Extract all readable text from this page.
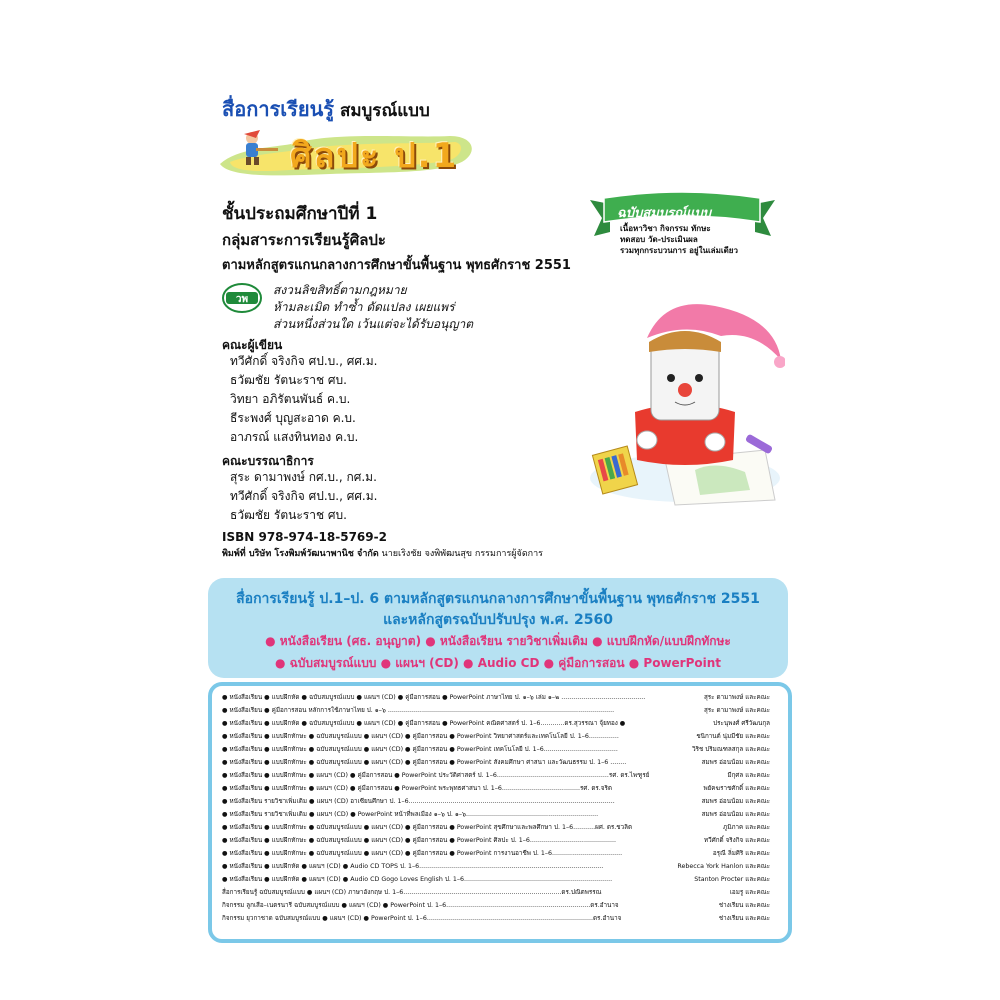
สื่อการเรียนรู้ สมบูรณ์แบบ
ศิลปะ ป.1
ชั้นประถมศึกษาปีที่ 1
กลุ่มสาระการเรียนรู้ศิลปะ
ตามหลักสูตรแกนกลางการศึกษาขั้นพื้นฐาน พุทธศักราช 2551
วพ
สงวนลิขสิทธิ์ตามกฎหมาย
ห้ามละเมิด ทำซ้ำ ดัดแปลง เผยแพร่
ส่วนหนึ่งส่วนใด เว้นแต่จะได้รับอนุญาต
คณะผู้เขียน
ทวีศักดิ์ จริงกิจ ศป.บ., ศศ.ม.
ธวัฒชัย รัตนะราช ศบ.
วิทยา อภิรัตนพันธ์ ค.บ.
ธีระพงศ์ บุญสะอาด ค.บ.
อาภรณ์ แสงทินทอง ค.บ.
คณะบรรณาธิการ
สุระ ดามาพงษ์ กศ.บ., กศ.ม.
ทวีศักดิ์ จริงกิจ ศป.บ., ศศ.ม.
ธวัฒชัย รัตนะราช ศบ.
ISBN 978-974-18-5769-2
พิมพ์ที่ บริษัท โรงพิมพ์วัฒนาพานิช จำกัด นายเริงชัย จงพิพัฒนสุข กรรมการผู้จัดการ
ฉบับสมบูรณ์แบบ
เนื้อหาวิชา กิจกรรม ทักษะ
ทดสอบ วัด-ประเมินผล
รวมทุกกระบวนการ อยู่ในเล่มเดียว
สื่อการเรียนรู้ ป.1–ป. 6 ตามหลักสูตรแกนกลางการศึกษาขั้นพื้นฐาน พุทธศักราช 2551
และหลักสูตรฉบับปรับปรุง พ.ศ. 2560
● หนังสือเรียน (ศธ. อนุญาต) ● หนังสือเรียน รายวิชาเพิ่มเติม ● แบบฝึกหัด/แบบฝึกทักษะ
● ฉบับสมบูรณ์แบบ ● แผนฯ (CD) ● Audio CD ● คู่มือการสอน ● PowerPoint
● หนังสือเรียน ● แบบฝึกหัด ● ฉบับสมบูรณ์แบบ ● แผนฯ (CD) ● คู่มือการสอน ● PowerPoint ภาษาไทย ป. ๑–๖ เล่ม ๑–๒ ..........................................	สุระ ดามาพงษ์ และคณะ
● หนังสือเรียน ● คู่มือการสอน หลักการใช้ภาษาไทย ป. ๑–๖ .................................................................................................................	สุระ ดามาพงษ์ และคณะ
● หนังสือเรียน ● แบบฝึกหัด ● ฉบับสมบูรณ์แบบ ● แผนฯ (CD) ● คู่มือการสอน ● PowerPoint คณิตศาสตร์ ป. 1–6............ดร.สุวรรณา จุ้ยทอง ●	ประนุพงศ์ ศรีวัฒนกุล
● หนังสือเรียน ● แบบฝึกทักษะ ● ฉบับสมบูรณ์แบบ ● แผนฯ (CD) ● คู่มือการสอน ● PowerPoint วิทยาศาสตร์และเทคโนโลยี ป. 1–6...............	ชนิกานต์ นุ่มมีชัย และคณะ
● หนังสือเรียน ● แบบฝึกทักษะ ● ฉบับสมบูรณ์แบบ ● แผนฯ (CD) ● คู่มือการสอน ● PowerPoint เทคโนโลยี ป. 1–6.....................................	วิริช ปริมณฑลสกุล และคณะ
● หนังสือเรียน ● แบบฝึกทักษะ ● ฉบับสมบูรณ์แบบ ● แผนฯ (CD) ● คู่มือการสอน ● PowerPoint สังคมศึกษา ศาสนา และวัฒนธรรม ป. 1–6 ........	สมพร อ่อนน้อม และคณะ
● หนังสือเรียน ● แบบฝึกทักษะ ● แผนฯ (CD) ● คู่มือการสอน ● PowerPoint ประวัติศาสตร์ ป. 1–6........................................................รศ. ดร.ไพฑูรย์	มีกุศล และคณะ
● หนังสือเรียน ● แบบฝึกทักษะ ● แผนฯ (CD) ● คู่มือการสอน ● PowerPoint พระพุทธศาสนา ป. 1–6.......................................รศ. ดร.จริต	พยัคฆราชศักดิ์ และคณะ
● หนังสือเรียน รายวิชาเพิ่มเติม ● แผนฯ (CD) อาเซียนศึกษา ป. 1–6.......................................................................................................	สมพร อ่อนน้อม และคณะ
● หนังสือเรียน รายวิชาเพิ่มเติม ● แผนฯ (CD) ● PowerPoint หน้าที่พลเมือง ๑–๖ ป. ๑–๖..................................................................	สมพร อ่อนน้อม และคณะ
● หนังสือเรียน ● แบบฝึกทักษะ ● ฉบับสมบูรณ์แบบ ● แผนฯ (CD) ● คู่มือการสอน ● PowerPoint สุขศึกษาและพลศึกษา ป. 1–6...........ผศ. ดร.ชวลิต	ภูมิภาค และคณะ
● หนังสือเรียน ● แบบฝึกทักษะ ● ฉบับสมบูรณ์แบบ ● แผนฯ (CD) ● คู่มือการสอน ● PowerPoint ศิลปะ ป. 1–6...........................................	ทวีศักดิ์ จริงกิจ และคณะ
● หนังสือเรียน ● แบบฝึกทักษะ ● ฉบับสมบูรณ์แบบ ● แผนฯ (CD) ● คู่มือการสอน ● PowerPoint การงานอาชีพ ป. 1–6...................................	อรุณี ลิ่มศิริ และคณะ
● หนังสือเรียน ● แบบฝึกหัด ● แผนฯ (CD) ● Audio CD TOPS ป. 1–6............................................................................................	Rebecca York Hanlon และคณะ
● หนังสือเรียน ● แบบฝึกหัด ● แผนฯ (CD) ● Audio CD Gogo Loves English ป. 1–6..........................................................................	Stanton Procter และคณะ
สื่อการเรียนรู้ ฉบับสมบูรณ์แบบ ● แผนฯ (CD) ภาษาอังกฤษ ป. 1–6...............................................................................ดร.ปณิตพรรณ	เอมรู และคณะ
กิจกรรม ลูกเสือ–เนตรนารี ฉบับสมบูรณ์แบบ ● แผนฯ (CD) ● PowerPoint ป. 1–6........................................................................ดร.อำนาจ	ช่างเรียน และคณะ
กิจกรรม ยุวกาชาด ฉบับสมบูรณ์แบบ ● แผนฯ (CD) ● PowerPoint ป. 1–6...................................................................................ดร.อำนาจ	ช่างเรียน และคณะ
